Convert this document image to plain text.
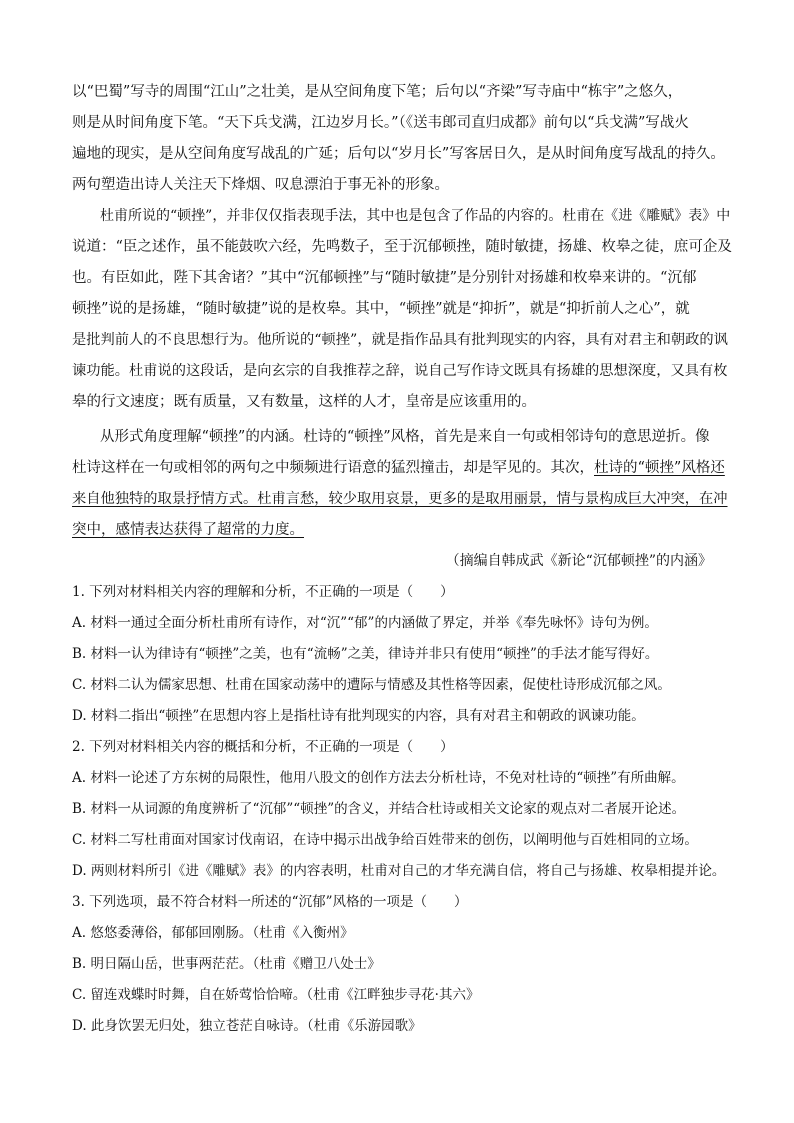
以“巴蜀”写寺的周围“江山”之壮美，是从空间角度下笔；后句以“齐梁”写寺庙中“栋宇”之悠久，
则是从时间角度下笔。“天下兵戈满，江边岁月长。”（《送韦郎司直归成都》前句以“兵戈满”写战火
遍地的现实，是从空间角度写战乱的广延；后句以“岁月长”写客居日久，是从时间角度写战乱的持久。
两句塑造出诗人关注天下烽烟、叹息漂泊于事无补的形象。
杜甫所说的“顿挫”，并非仅仅指表现手法，其中也是包含了作品的内容的。杜甫在《进《雕赋》表》中
说道：“臣之述作，虽不能鼓吹六经，先鸣数子，至于沉郁顿挫，随时敏捷，扬雄、枚皋之徒，庶可企及
也。有臣如此，陛下其舍诸？”其中“沉郁顿挫”与“随时敏捷”是分别针对扬雄和枚皋来讲的。“沉郁
顿挫”说的是扬雄，“随时敏捷”说的是枚皋。其中，“顿挫”就是“抑折”，就是“抑折前人之心”，就
是批判前人的不良思想行为。他所说的“顿挫”，就是指作品具有批判现实的内容，具有对君主和朝政的讽
谏功能。杜甫说的这段话，是向玄宗的自我推荐之辞，说自己写作诗文既具有扬雄的思想深度，又具有枚
皋的行文速度；既有质量，又有数量，这样的人才，皇帝是应该重用的。
从形式角度理解“顿挫”的内涵。杜诗的“顿挫”风格，首先是来自一句或相邻诗句的意思逆折。像
杜诗这样在一句或相邻的两句之中频频进行语意的猛烈撞击，却是罕见的。其次，杜诗的“顿挫”风格还
来自他独特的取景抒情方式。杜甫言愁，较少取用哀景，更多的是取用丽景，情与景构成巨大冲突，在冲
突中，感情表达获得了超常的力度。
（摘编自韩成武《新论“沉郁顿挫”的内涵》
1. 下列对材料相关内容的理解和分析，不正确的一项是（　　）
A. 材料一通过全面分析杜甫所有诗作，对“沉”“郁”的内涵做了界定，并举《奉先咏怀》诗句为例。
B. 材料一认为律诗有“顿挫”之美，也有“流畅”之美，律诗并非只有使用“顿挫”的手法才能写得好。
C. 材料二认为儒家思想、杜甫在国家动荡中的遭际与情感及其性格等因素，促使杜诗形成沉郁之风。
D. 材料二指出“顿挫”在思想内容上是指杜诗有批判现实的内容，具有对君主和朝政的讽谏功能。
2. 下列对材料相关内容的概括和分析，不正确的一项是（　　）
A. 材料一论述了方东树的局限性，他用八股文的创作方法去分析杜诗，不免对杜诗的“顿挫”有所曲解。
B. 材料一从词源的角度辨析了“沉郁”“顿挫”的含义，并结合杜诗或相关文论家的观点对二者展开论述。
C. 材料二写杜甫面对国家讨伐南诏，在诗中揭示出战争给百姓带来的创伤，以阐明他与百姓相同的立场。
D. 两则材料所引《进《雕赋》表》的内容表明，杜甫对自己的才华充满自信，将自己与扬雄、枚皋相提并论。
3. 下列选项，最不符合材料一所述的“沉郁”风格的一项是（　　）
A. 悠悠委薄俗，郁郁回刚肠。（杜甫《入衡州》
B. 明日隔山岳，世事两茫茫。（杜甫《赠卫八处士》
C. 留连戏蝶时时舞，自在娇莺恰恰啼。（杜甫《江畔独步寻花·其六》
D. 此身饮罢无归处，独立苍茫自咏诗。（杜甫《乐游园歌》
